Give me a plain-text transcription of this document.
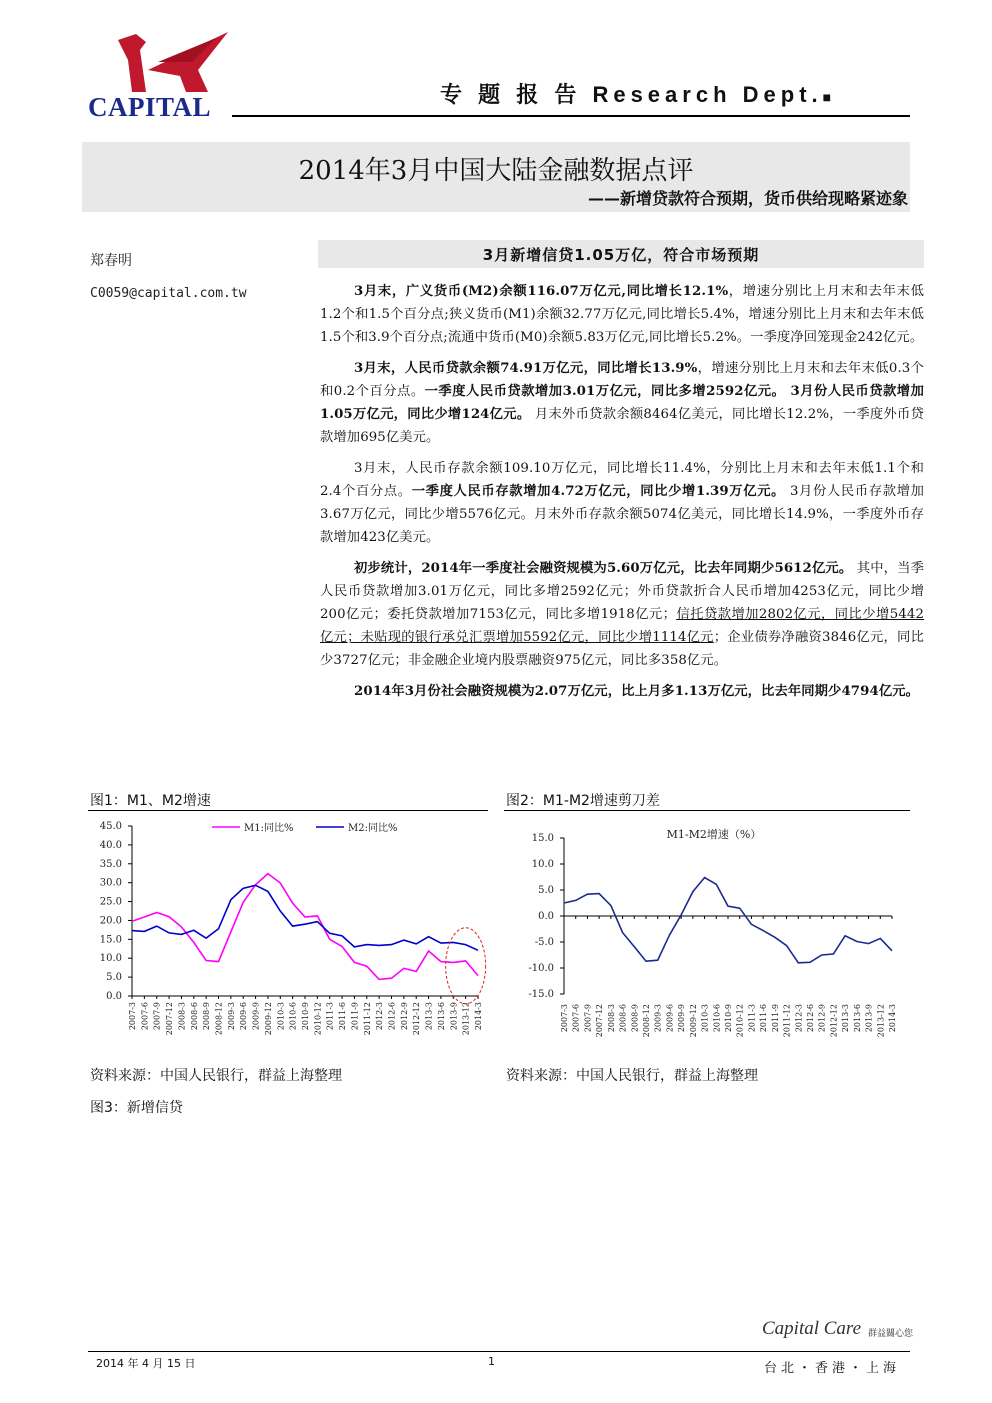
CAPITAL	专 题 报 告 Research Dept.■
2014年3月中国大陆金融数据点评
——新增贷款符合预期，货币供给现略紧迹象
郑春明
C0059@capital.com.tw
3月新增信贷1.05万亿，符合市场预期

3月末，广义货币(M2)余额116.07万亿元,同比增长12.1%，增速分别比上月末和去年末低1.2个和1.5个百分点;狭义货币(M1)余额32.77万亿元,同比增长5.4%，增速分别比上月末和去年末低1.5个和3.9个百分点;流通中货币(M0)余额5.83万亿元,同比增长5.2%。一季度净回笼现金242亿元。

3月末，人民币贷款余额74.91万亿元，同比增长13.9%，增速分别比上月末和去年末低0.3个和0.2个百分点。一季度人民币贷款增加3.01万亿元，同比多增2592亿元。 3月份人民币贷款增加1.05万亿元，同比少增124亿元。 月末外币贷款余额8464亿美元，同比增长12.2%，一季度外币贷款增加695亿美元。

3月末，人民币存款余额109.10万亿元，同比增长11.4%，分别比上月末和去年末低1.1个和2.4个百分点。一季度人民币存款增加4.72万亿元，同比少增1.39万亿元。 3月份人民币存款增加3.67万亿元，同比少增5576亿元。月末外币存款余额5074亿美元，同比增长14.9%，一季度外币存款增加423亿美元。

初步统计，2014年一季度社会融资规模为5.60万亿元，比去年同期少5612亿元。 其中，当季人民币贷款增加3.01万亿元，同比多增2592亿元；外币贷款折合人民币增加4253亿元，同比少增200亿元；委托贷款增加7153亿元，同比多增1918亿元；信托贷款增加2802亿元，同比少增5442亿元；未贴现的银行承兑汇票增加5592亿元，同比少增1114亿元；企业债券净融资3846亿元，同比少3727亿元；非金融企业境内股票融资975亿元，同比多358亿元。

2014年3月份社会融资规模为2.07万亿元，比上月多1.13万亿元，比去年同期少4794亿元。

图1：M1、M2增速	图2：M1-M2增速剪刀差
45.0
40.0
35.0
30.0
25.0
20.0
15.0
10.0
5.0
0.0
2007-3 2007-6 2007-9 2007-12 2008-3 2008-6 2008-9 2008-12 2009-3 2009-6 2009-9 2009-12 2010-3 2010-6 2010-9 2010-12 2011-3 2011-6 2011-9 2011-12 2012-3 2012-6 2012-9 2012-12 2013-3 2013-6 2013-9 2013-12 2014-3
M1:同比%	M2:同比%
15.0
10.0
5.0
0.0
-5.0
-10.0
-15.0
2007-3 2007-6 2007-9 2007-12 2008-3 2008-6 2008-9 2008-12 2009-3 2009-6 2009-9 2009-12 2010-3 2010-6 2010-9 2010-12 2011-3 2011-6 2011-9 2011-12 2012-3 2012-6 2012-9 2012-12 2013-3 2013-6 2013-9 2013-12 2014-3
M1-M2增速（%）
资料来源：中国人民银行，群益上海整理	资料来源：中国人民银行，群益上海整理
图3：新增信贷
Capital Care 群益關心您
2014 年 4 月 15 日	1	台北・香港・上海
